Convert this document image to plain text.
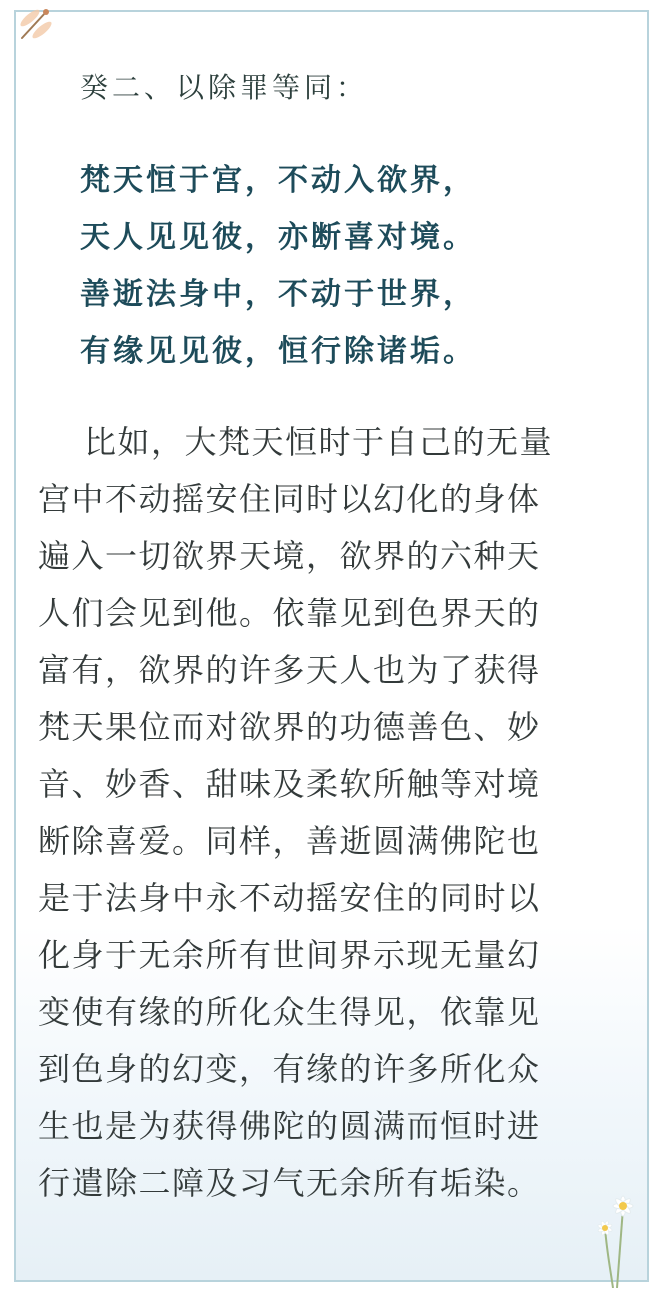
癸二、以除罪等同：
梵天恒于宫，不动入欲界，
天人见见彼，亦断喜对境。
善逝法身中，不动于世界，
有缘见见彼，恒行除诸垢。
比如，大梵天恒时于自己的无量
宫中不动摇安住同时以幻化的身体
遍入一切欲界天境，欲界的六种天
人们会见到他。依靠见到色界天的
富有，欲界的许多天人也为了获得
梵天果位而对欲界的功德善色、妙
音、妙香、甜味及柔软所触等对境
断除喜爱。同样，善逝圆满佛陀也
是于法身中永不动摇安住的同时以
化身于无余所有世间界示现无量幻
变使有缘的所化众生得见，依靠见
到色身的幻变，有缘的许多所化众
生也是为获得佛陀的圆满而恒时进
行遣除二障及习气无余所有垢染。
